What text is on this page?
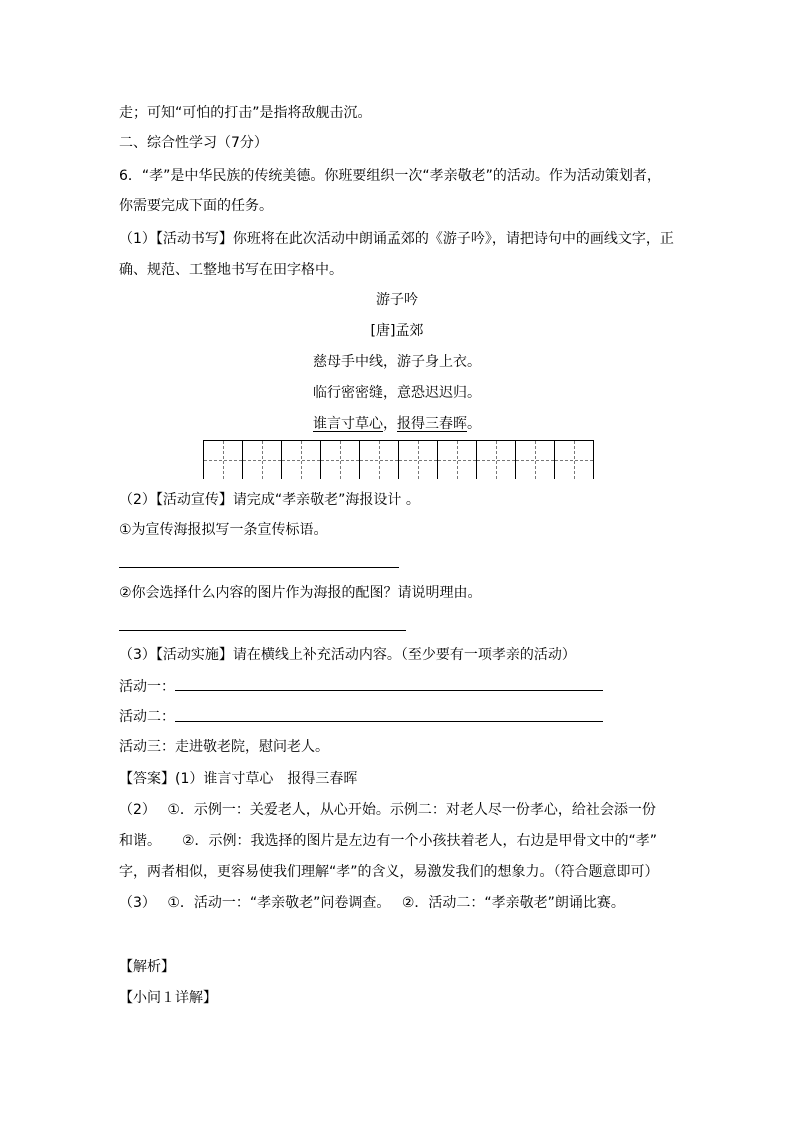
走；可知“可怕的打击”是指将敌舰击沉。
二、综合性学习（7分）
6．“孝”是中华民族的传统美德。你班要组织一次“孝亲敬老”的活动。作为活动策划者，
你需要完成下面的任务。
（1）【活动书写】你班将在此次活动中朗诵孟郊的《游子吟》，请把诗句中的画线文字，正
确、规范、工整地书写在田字格中。
游子吟
[唐]孟郊
慈母手中线，游子身上衣。
临行密密缝，意恐迟迟归。
谁言寸草心，报得三春晖。
（2）【活动宣传】请完成“孝亲敬老”海报设计 。
①为宣传海报拟写一条宣传标语。
②你会选择什么内容的图片作为海报的配图？请说明理由。
（3）【活动实施】请在横线上补充活动内容。（至少要有一项孝亲的活动）
活动一：
活动二：
活动三：走进敬老院，慰问老人。
【答案】(1）谁言寸草心　报得三春晖
（2）　 ①．示例一：关爱老人，从心开始。示例二：对老人尽一份孝心，给社会添一份
和谐。　　②．示例：我选择的图片是左边有一个小孩扶着老人，右边是甲骨文中的“孝”
字，两者相似，更容易使我们理解“孝”的含义，易激发我们的想象力。（符合题意即可）
（3）　 ①．活动一：“孝亲敬老”问卷调查。　 ②．活动二：“孝亲敬老”朗诵比赛。
【解析】
【小问１详解】
